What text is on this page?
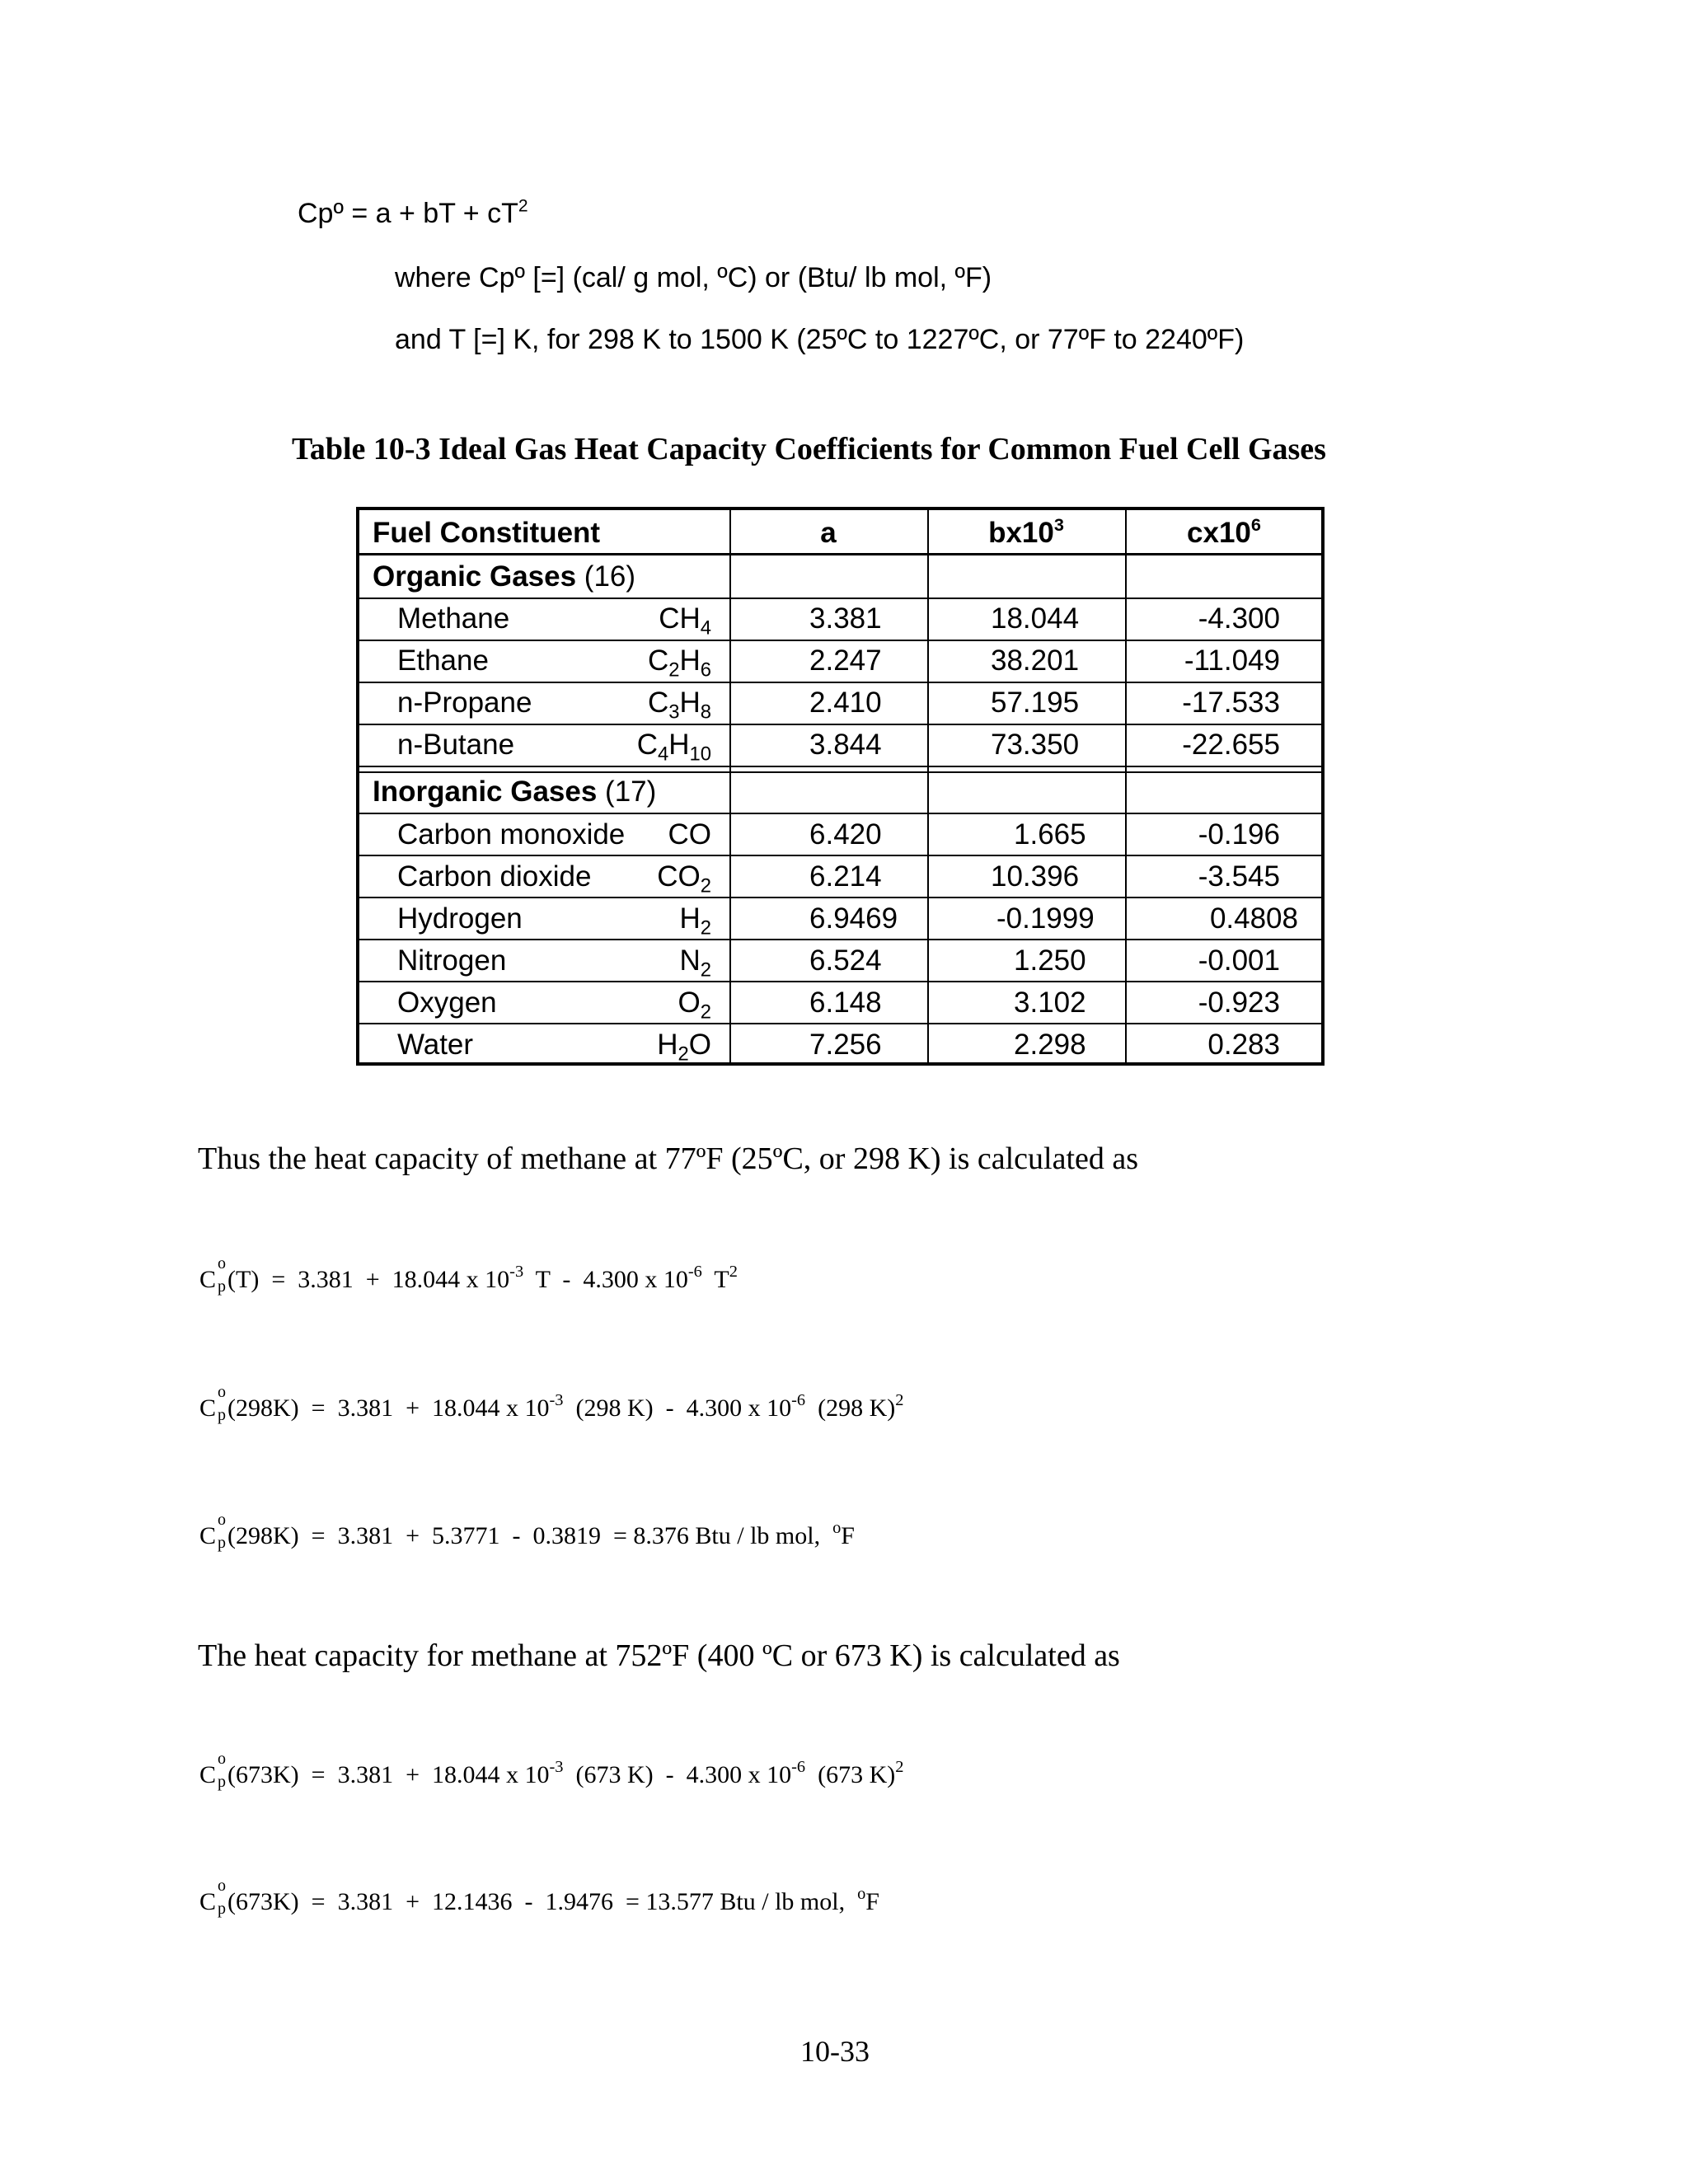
Cpº = a + bT + $cT^2$
where Cpº [=] (cal/ g mol, ºC) or (Btu/ lb mol, ºF)
and T [=] K, for 298 K to 1500 K (25ºC to 1227ºC, or 77ºF to 2240ºF)
Table 10-3 Ideal Gas Heat Capacity Coefficients for Common Fuel Cell Gases
Fuel Constituent	a	$bx10^3$	$cx10^6$
Organic Gases (16)
Methane	$CH_4$	3.381	18.044	-4.300
Ethane	$C_2H_6$	2.247	38.201	-11.049
n-Propane	$C_3H_8$	2.410	57.195	-17.533
n-Butane	$C_4H_{10}$	3.844	73.350	-22.655
Inorganic Gases (17)
Carbon monoxide CO	6.420	1.665	-0.196
Carbon dioxide $CO_2$	6.214	10.396	-3.545
Hydrogen	$H_2$	6.9469	-0.1999	0.4808
Nitrogen	$N_2$	6.524	1.250	-0.001
Oxygen	$O_2$	6.148	3.102	-0.923
Water	$H_2O$	7.256	2.298	0.283
Thus the heat capacity of methane at 77ºF (25ºC, or 298 K) is calculated as
C
o
p (T)  =  3.381  +  18.044 x $10^{-3}$  T  -  4.300 x $10^{-6}$  $T^2$
C
o
p (298K)  =  3.381  +  18.044 x $10^{-3}$  (298 K)  -  4.300 x $10^{-6}$  (298 K)$^2$
C
o
p (298K)  =  3.381  +  5.3771  -  0.3819  = 8.376 Btu / lb mol,  $^o$F
The heat capacity for methane at 752ºF (400 ºC or 673 K) is calculated as
C
o
p (673K)  =  3.381  +  18.044 x $10^{-3}$  (673 K)  -  4.300 x $10^{-6}$  (673 K)$^2$
C
o
p (673K)  =  3.381  +  12.1436  -  1.9476  = 13.577 Btu / lb mol,  $^o$F
10-33
